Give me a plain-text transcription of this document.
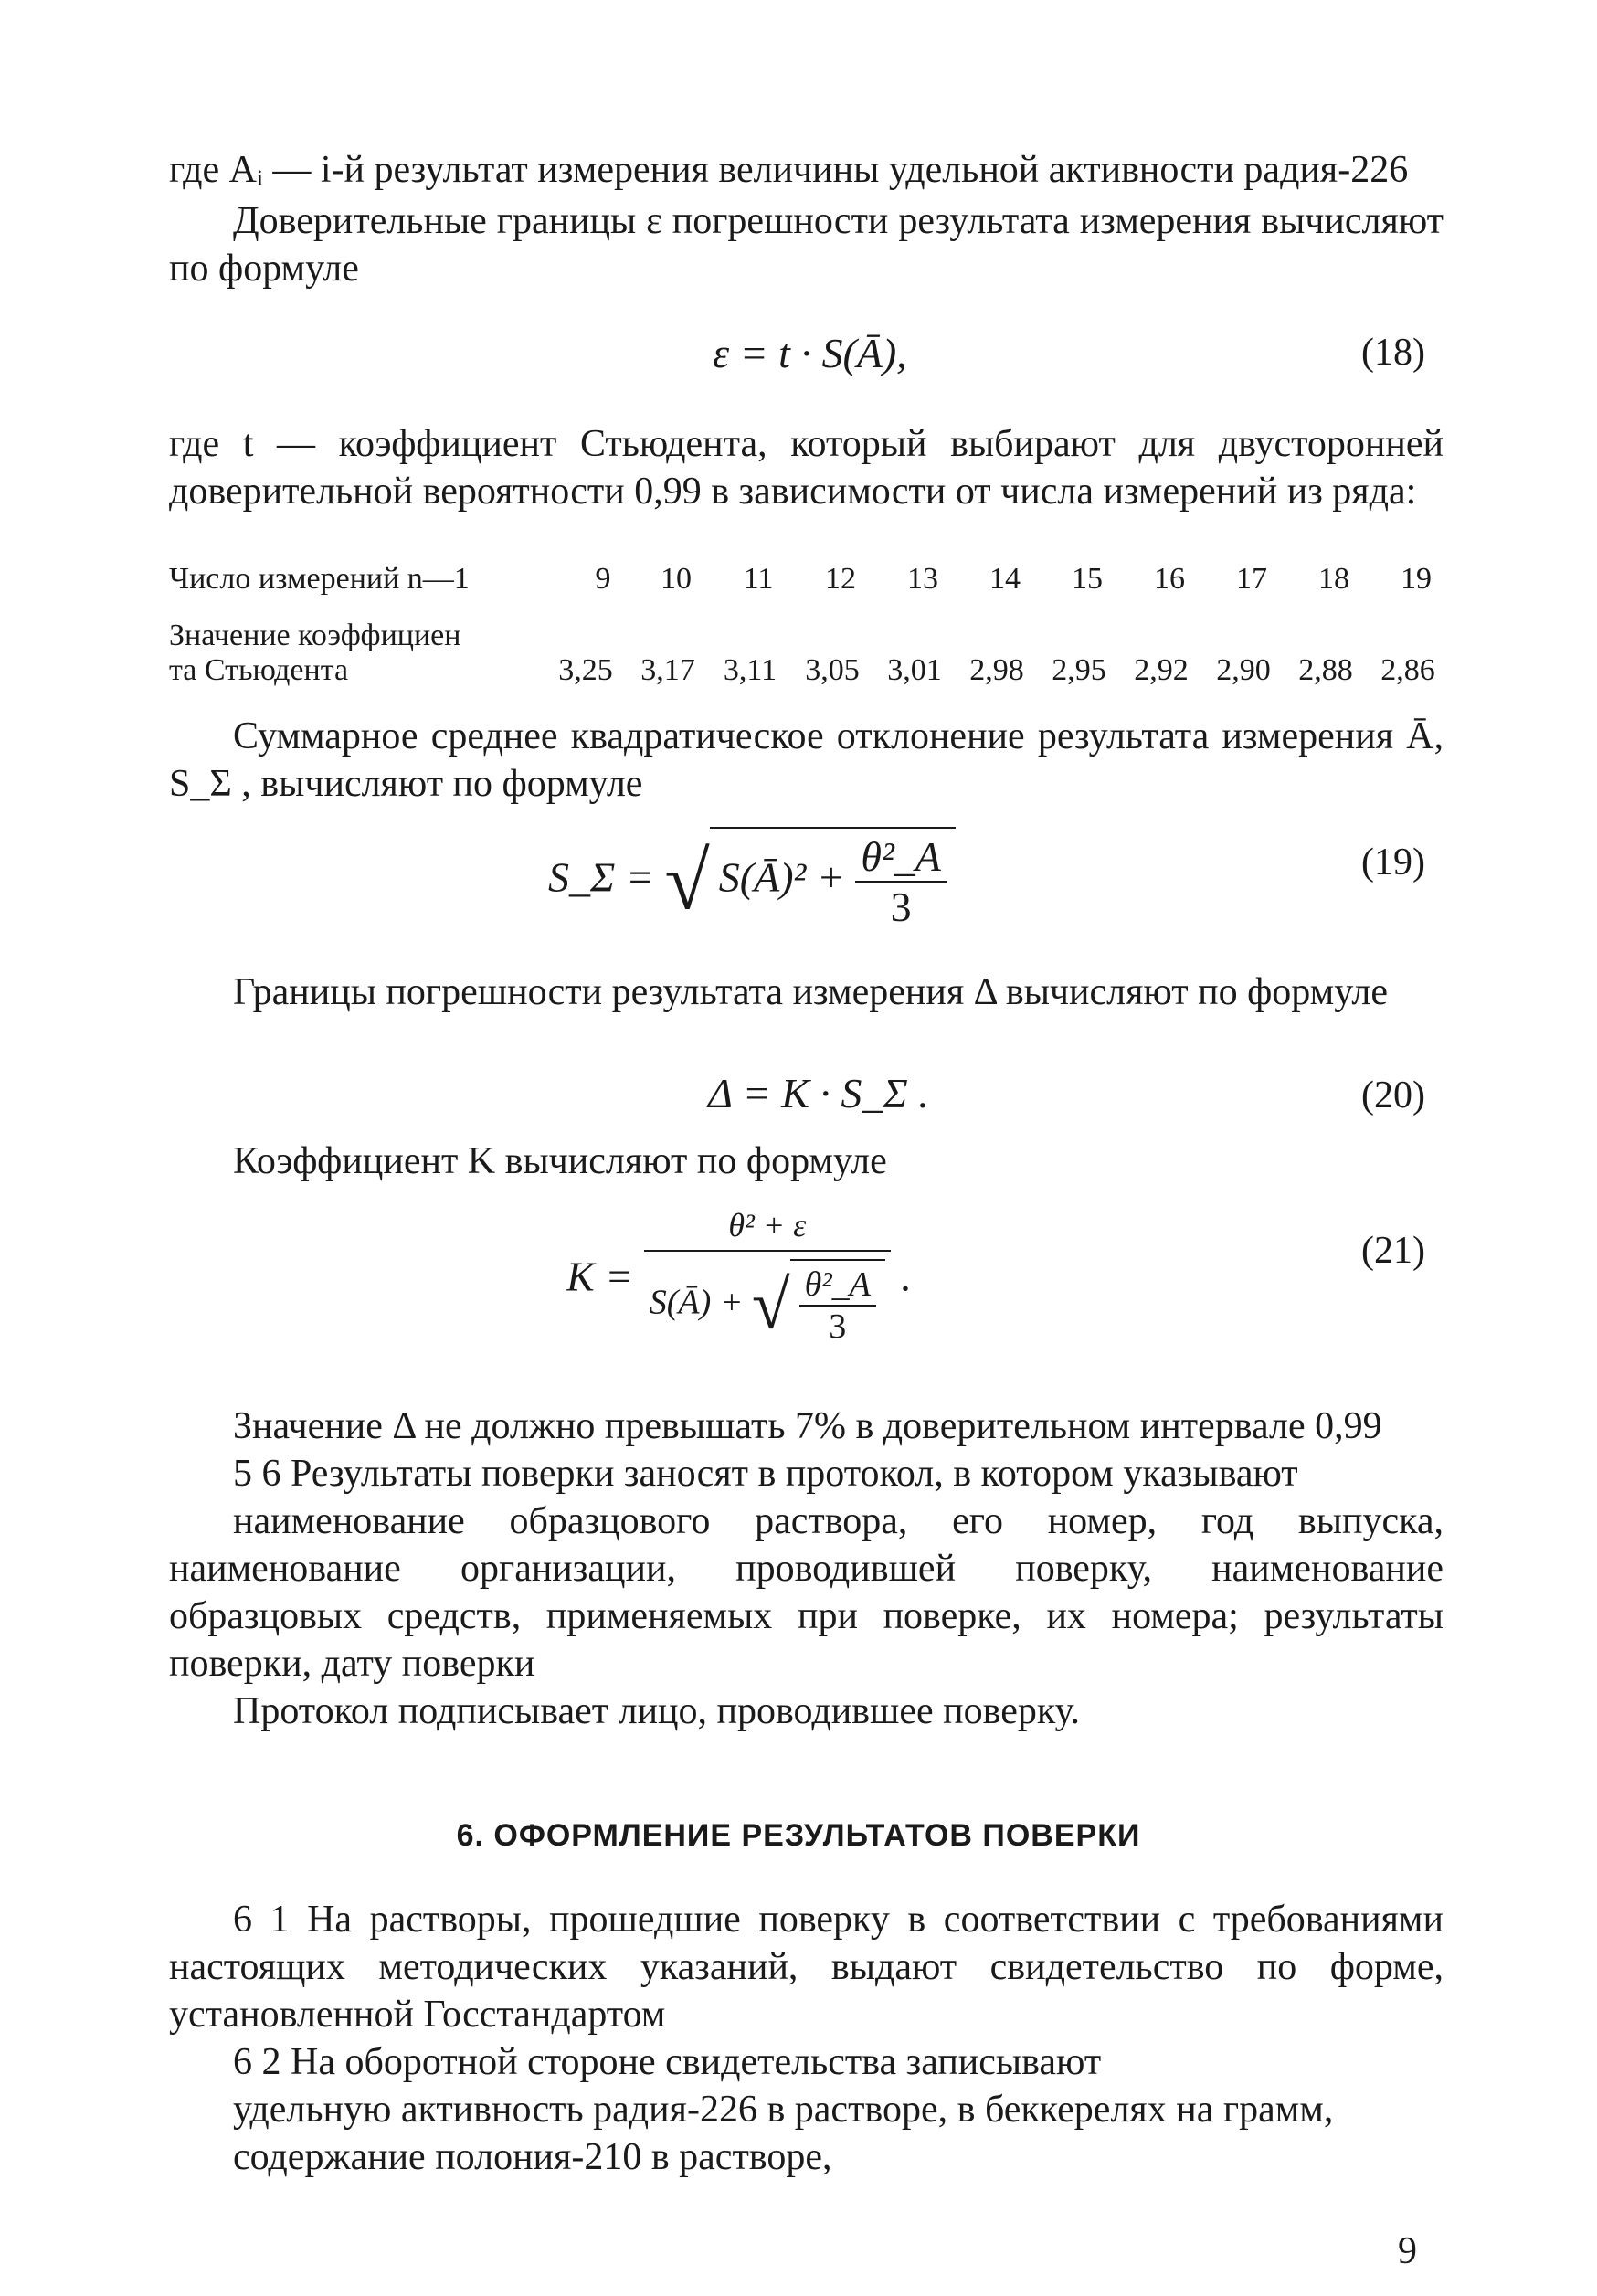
где Aᵢ — i-й результат измерения величины удельной активности радия-226

Доверительные границы ε погрешности результата измерения вычисляют по формуле

ε = t · S(Ā),	(18)

где t — коэффициент Стьюдента, который выбирают для двусторонней доверительной вероятности 0,99 в зависимости от числа измерений из ряда:

Число измерений n—1	9	10	11	12	13	14	15	16	17	18	19
Значение коэффициен
та Стьюдента	3,25 3,17 3,11 3,05 3,01 2,98 2,95 2,92 2,90 2,88 2,86

Суммарное среднее квадратическое отклонение результата измерения Ā, S_Σ , вычисляют по формуле

S_Σ = √ S(Ā)² + $\frac{\text{θ²\_A}}{3}$	(19)

Границы погрешности результата измерения Δ вычисляют по формуле

Δ = K · S_Σ .	(20)

Коэффициент K вычисляют по формуле

$K = \frac{\text{θ² + ε}}{S(Ā) + √ \frac{\text{θ²\_A}}{3}}$ .
(21)

Значение Δ не должно превышать 7% в доверительном интервале 0,99

5 6 Результаты поверки заносят в протокол, в котором указывают

наименование образцового раствора, его номер, год выпуска, наименование организации, проводившей поверку, наименование образцовых средств, применяемых при поверке, их номера; результаты поверки, дату поверки

Протокол подписывает лицо, проводившее поверку.

6. ОФОРМЛЕНИЕ РЕЗУЛЬТАТОВ ПОВЕРКИ

6 1 На растворы, прошедшие поверку в соответствии с требованиями настоящих методических указаний, выдают свидетельство по форме, установленной Госстандартом

6 2 На оборотной стороне свидетельства записывают

удельную активность радия-226 в растворе, в беккерелях на грамм,

содержание полония-210 в растворе,

9
